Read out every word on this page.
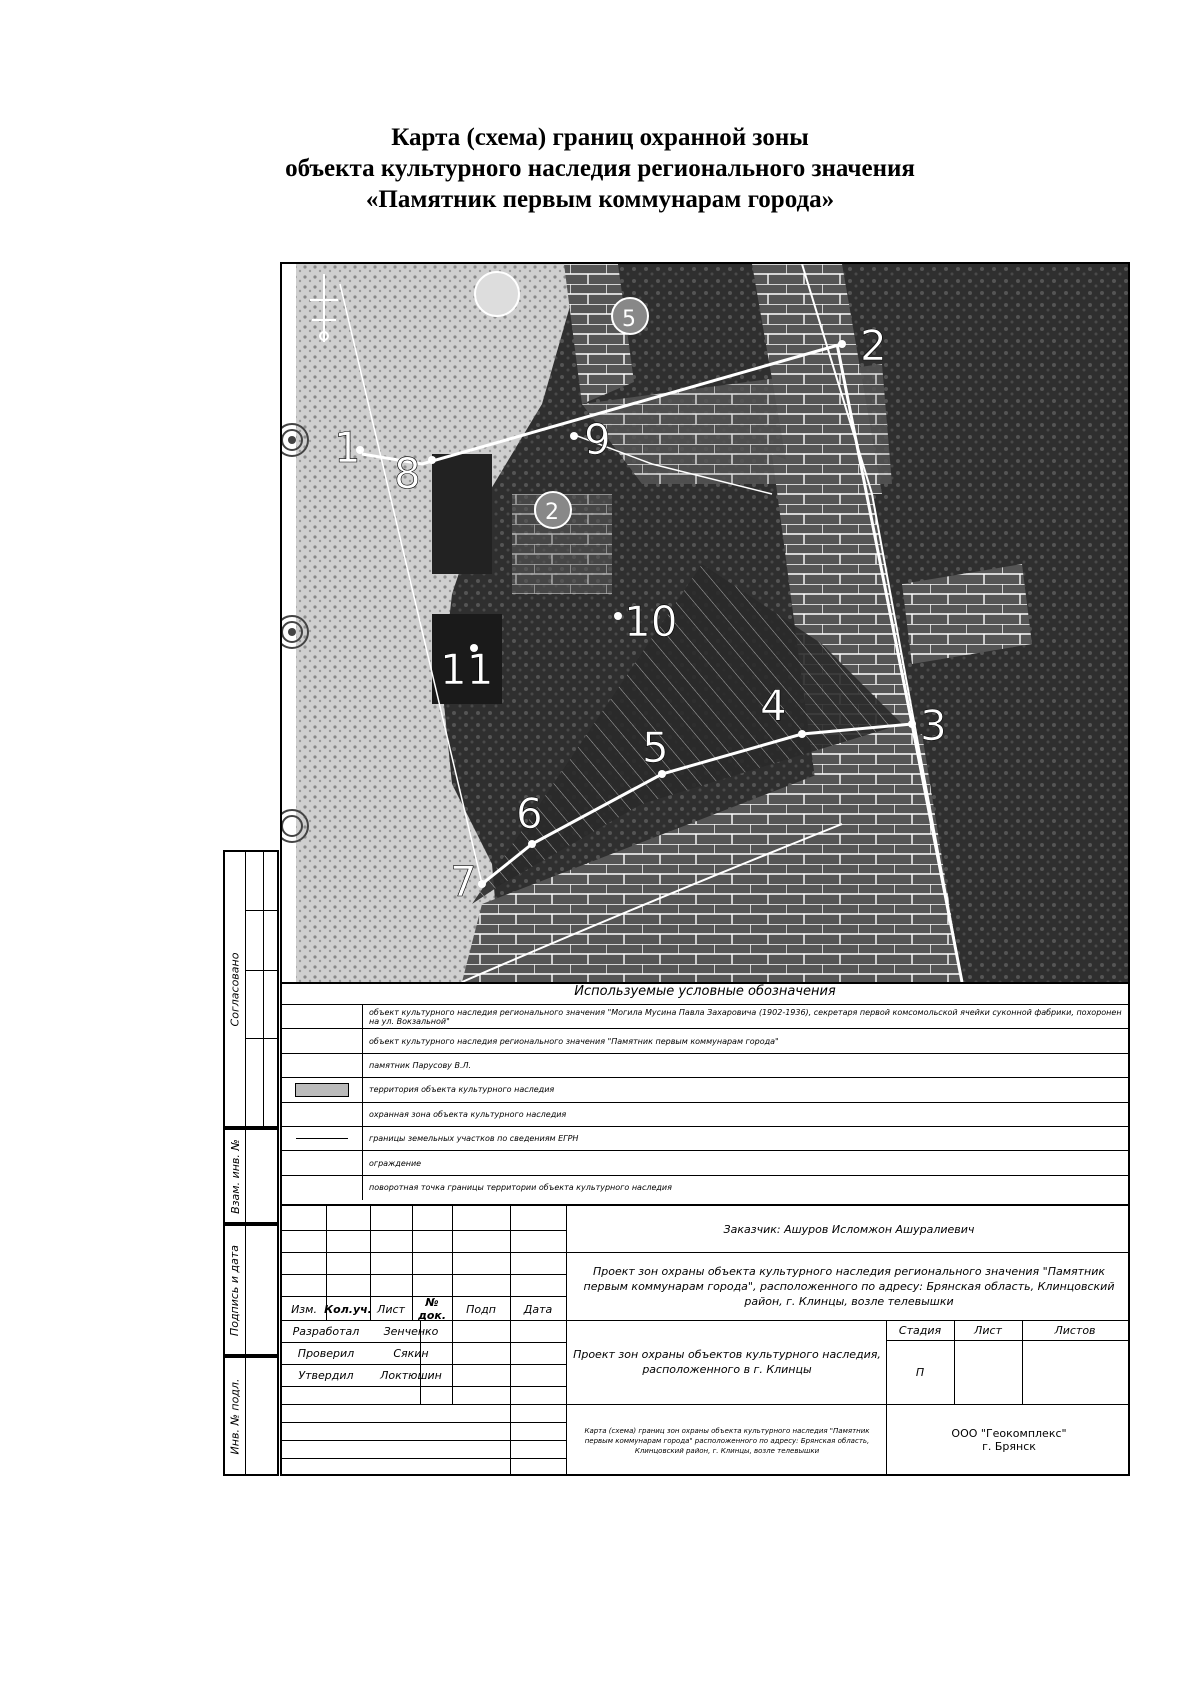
Карта (схема) границ охранной зоны
объекта культурного наследия регионального значения
«Памятник первым коммунарам города»
5
2
1
2
3
4
5
6
7
8
9
10
11
Согласовано
Взам. инв. №
Подпись и дата
Инв. № подл.
Используемые условные обозначения
объект культурного наследия регионального значения "Могила Мусина Павла Захаровича (1902-1936), секретаря первой комсомольской ячейки суконной фабрики, похоронен на ул. Вокзальной"
объект культурного наследия регионального значения "Памятник первым коммунарам города"
памятник Парусову В.Л.
территория объекта культурного наследия
охранная зона объекта культурного наследия
границы земельных участков по сведениям ЕГРН
ограждение
поворотная точка границы территории объекта культурного наследия
Изм. Кол.уч. Лист	№ док.	Подп	Дата
Разработал	Зенченко
Проверил	Сякин
Утвердил	Локтюшин
Заказчик: Ашуров Исломжон Ашуралиевич
Проект зон охраны объекта культурного наследия регионального значения "Памятник первым коммунарам города", расположенного по адресу: Брянская область, Клинцовский район, г. Клинцы, возле телевышки
Проект зон охраны объектов культурного наследия, расположенного в г. Клинцы
Стадия	Лист	Листов
П
Карта (схема) границ зон охраны объекта культурного наследия "Памятник первым коммунарам города" расположенного по адресу: Брянская область, Клинцовский район, г. Клинцы, возле телевышки
ООО "Геокомплекс"
г. Брянск
